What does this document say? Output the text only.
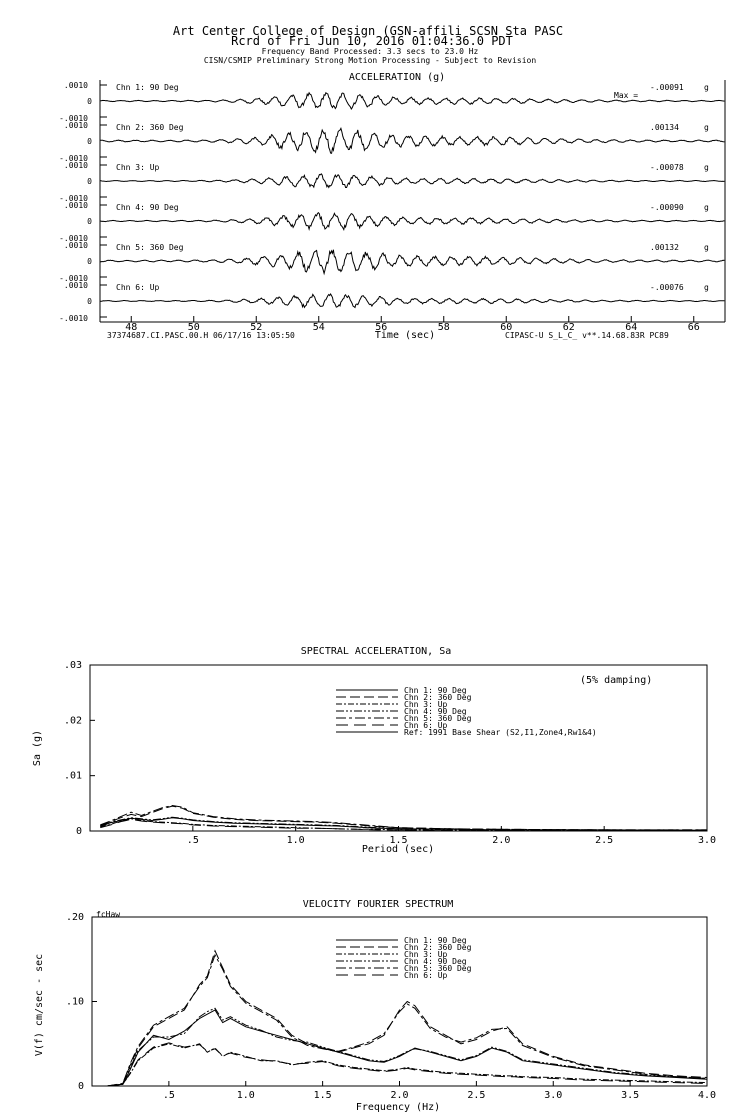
Art Center College of Design (GSN-affili SCSN Sta PASC
Rcrd of Fri Jun 10, 2016 01:04:36.0 PDT
Frequency Band Processed: 3.3 secs to 23.0 Hz
CISN/CSMIP Preliminary Strong Motion Processing - Subject to Revision
ACCELERATION (g)
Chn 1: 90 Deg	-.00091	g
.0010
0
-.0010
Chn 2: 360 Deg	.00134	g
.0010
0
-.0010
Chn 3: Up	-.00078	g
.0010
0
-.0010
Chn 4: 90 Deg	-.00090	g
.0010
0
-.0010
Chn 5: 360 Deg	.00132	g
.0010
0
-.0010
Chn 6: Up	-.00076	g
.0010
0
-.0010
Max =
48	50	52	54	56	58	60	62	64	66
37374687.CI.PASC.00.H 06/17/16 13:05:50	Time (sec)	CIPASC-U S_L_C_ v**.14.68.83R PC89
SPECTRAL ACCELERATION, Sa
.5	1.0	1.5	2.0	2.5	3.0
0
.01
.02
.03
Chn 1: 90 Deg
Chn 2: 360 Deg
Chn 3: Up
Chn 4: 90 Deg
Chn 5: 360 Deg
Chn 6: Up
Ref: 1991 Base Shear (S2,I1,Zone4,Rw1&4)
(5% damping)
Period (sec)
Sa (g)
VELOCITY FOURIER SPECTRUM
.5	1.0	1.5	2.0	2.5	3.0	3.5	4.0
0
.10
.20
Chn 1: 90 Deg
Chn 2: 360 Deg
Chn 3: Up
Chn 4: 90 Deg
Chn 5: 360 Deg
Chn 6: Up
fcHaw
Frequency (Hz)
V(f) cm/sec - sec
